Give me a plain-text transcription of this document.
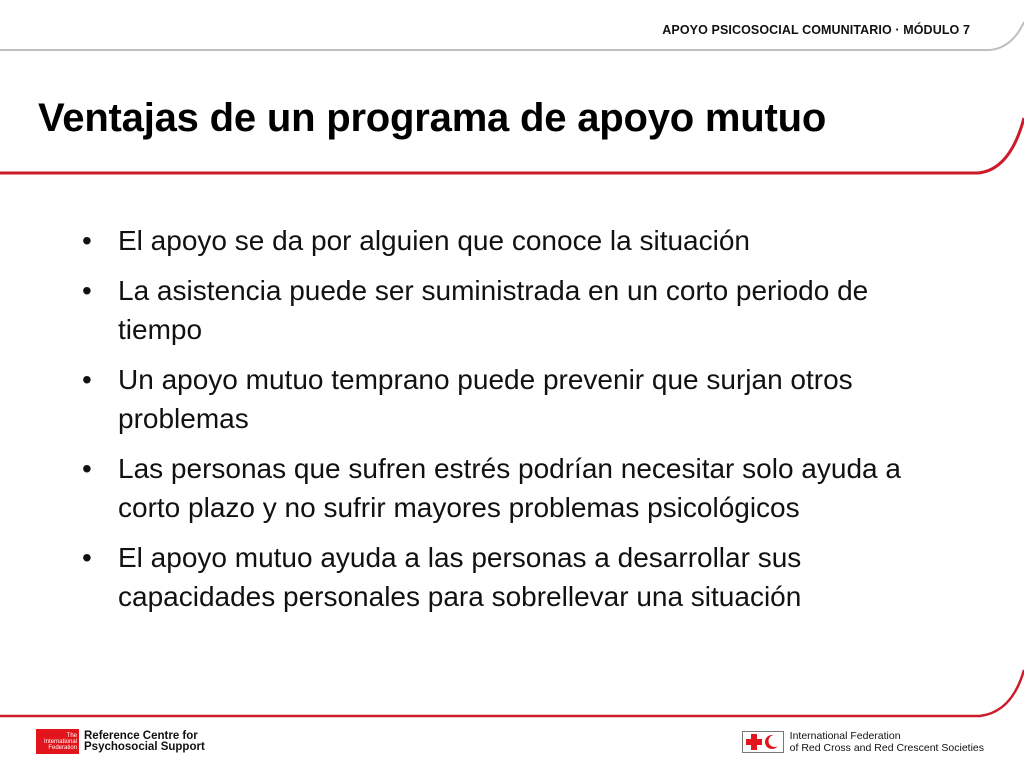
APOYO PSICOSOCIAL COMUNITARIO · MÓDULO 7
Ventajas de un programa de apoyo mutuo
• El apoyo se da por alguien que conoce la situación
• La asistencia puede ser suministrada en un corto periodo de tiempo
• Un apoyo mutuo temprano puede prevenir que surjan otros problemas
• Las personas que sufren estrés podrían necesitar solo ayuda a corto plazo y no sufrir mayores problemas psicológicos
• El apoyo mutuo ayuda a las personas a desarrollar sus capacidades personales para sobrellevar una situación
The
International
Federation
Reference Centre for
Psychosocial Support
International Federation
of Red Cross and Red Crescent Societies
